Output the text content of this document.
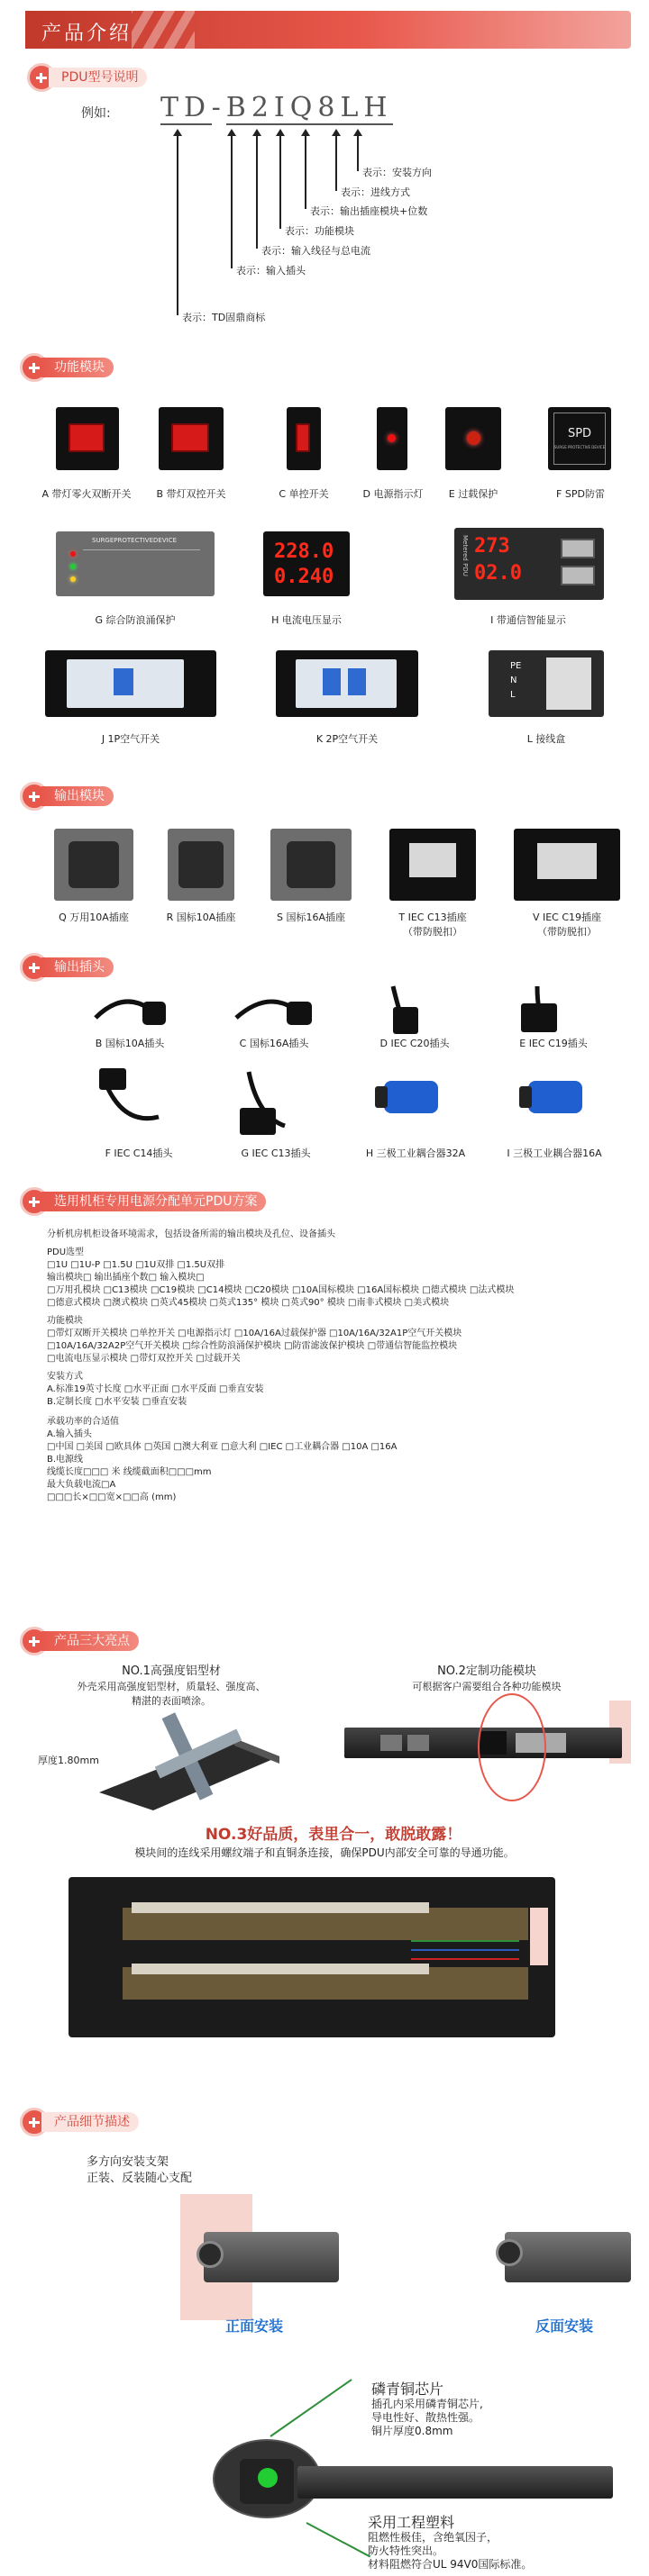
产品介绍
PDU型号说明
例如: TD-B2IQ8LH
表示：安装方向
表示：进线方式
表示：输出插座模块+位数
表示：功能模块
表示：输入线径与总电流
表示：输入插头
表示：TD固鼎商标
功能模块
SPD
SURGE PROTECTIVE DEVICE
A 带灯零火双断开关	B 带灯双控开关	C 单控开关	D 电源指示灯	E 过载保护	F SPD防雷
SURGEPROTECTIVEDEVICE	228.0
0.240
Metered PDU 273
02.0
G 综合防浪涌保护	H 电流电压显示	I 带通信智能显示
PE
N
L
J 1P空气开关	K 2P空气开关	L 接线盒
输出模块
Q 万用10A插座	R 国标10A插座	S 国标16A插座	T IEC C13插座
（带防脱扣）
V IEC C19插座
（带防脱扣）
输出插头
B 国标10A插头	C 国标16A插头	D IEC C20插头	E IEC C19插头
F IEC C14插头	G IEC C13插头	H 三极工业耦合器32A	I 三极工业耦合器16A
选用机柜专用电源分配单元PDU方案
分析机房机柜设备环境需求，包括设备所需的输出模块及孔位、设备插头
PDU选型
□1U □1U-P □1.5U □1U双排 □1.5U双排
输出模块□ 输出插座个数□ 输入模块□
□万用孔模块 □C13模块 □C19模块 □C14模块 □C20模块 □10A国标模块 □16A国标模块 □德式模块 □法式模块
□德意式模块 □澳式模块 □英式45模块 □英式135° 模块 □英式90° 模块 □南非式模块 □美式模块
功能模块
□带灯双断开关模块 □单控开关 □电源指示灯 □10A/16A过载保护器 □10A/16A/32A1P空气开关模块
□10A/16A/32A2P空气开关模块 □综合性防浪涌保护模块 □防雷滤波保护模块 □带通信智能监控模块
□电流电压显示模块 □带灯双控开关 □过载开关
安装方式
A.标准19英寸长度 □水平正面 □水平反面 □垂直安装
B.定制长度 □水平安装 □垂直安装
承载功率的合适值
A.输入插头
□中国 □美国 □欧具体 □英国 □澳大利亚 □意大利 □IEC □工业耦合器 □10A □16A
B.电源线
线缆长度□□□ 米 线缆截面积□□□mm
最大负载电流□A
□□□长×□□宽×□□高 (mm)
产品三大亮点
NO.1高强度铝型材
外壳采用高强度铝型材，质量轻、强度高、
精湛的表面喷涂。
厚度1.80mm
NO.2定制功能模块
可根据客户需要组合各种功能模块
NO.3好品质，表里合一，敢脱敢露！
模块间的连线采用螺纹端子和直铜条连接，确保PDU内部安全可靠的导通功能。
产品细节描述
多方向安装支架
正装、反装随心支配
正面安装	反面安装
磷青铜芯片
插孔内采用磷青铜芯片,
导电性好、散热性强。
铜片厚度0.8mm
采用工程塑料
阻燃性极佳，含绝氧因子，
防火特性突出。
材料阻燃符合UL 94V0国际标准。
